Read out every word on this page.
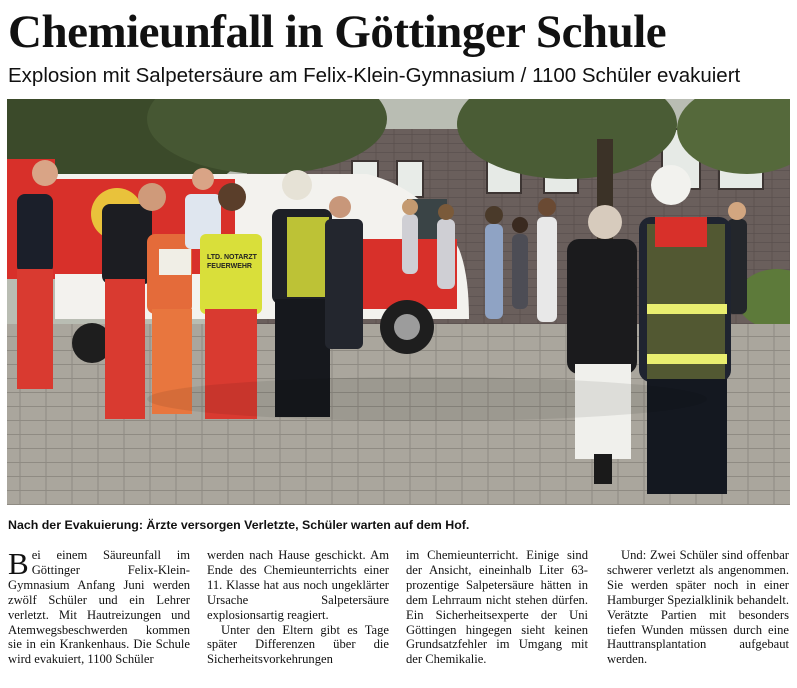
Chemieunfall in Göttinger Schule
Explosion mit Salpetersäure am Felix-Klein-Gymnasium / 1100 Schüler evakuiert
LTD. NOTARZT
FEUERWEHR

Nach der Evakuierung: Ärzte versorgen Verletzte, Schüler warten auf dem Hof.

Bei einem Säureunfall im Göttinger Felix-Klein-Gymnasium Anfang Juni werden zwölf Schüler und ein Lehrer verletzt. Mit Hautreizungen und Atemwegsbeschwerden kommen sie in ein Krankenhaus. Die Schule wird evakuiert, 1100 Schüler

werden nach Hause geschickt. Am Ende des Chemieunterrichts einer 11. Klasse hat aus noch ungeklärter Ursache Salpetersäure explosionsartig reagiert.

Unter den Eltern gibt es Tage später Differenzen über die Sicherheitsvorkehrungen

im Chemieunterricht. Einige sind der Ansicht, eineinhalb Liter 63-prozentige Salpetersäure hätten in dem Lehrraum nicht stehen dürfen. Ein Sicherheitsexperte der Uni Göttingen hingegen sieht keinen Grundsatzfehler im Umgang mit der Chemikalie.

Und: Zwei Schüler sind offenbar schwerer verletzt als angenommen. Sie werden später noch in einer Hamburger Spezialklinik behandelt. Verätzte Partien mit besonders tiefen Wunden müssen durch eine Hauttransplantation aufgebaut werden.
